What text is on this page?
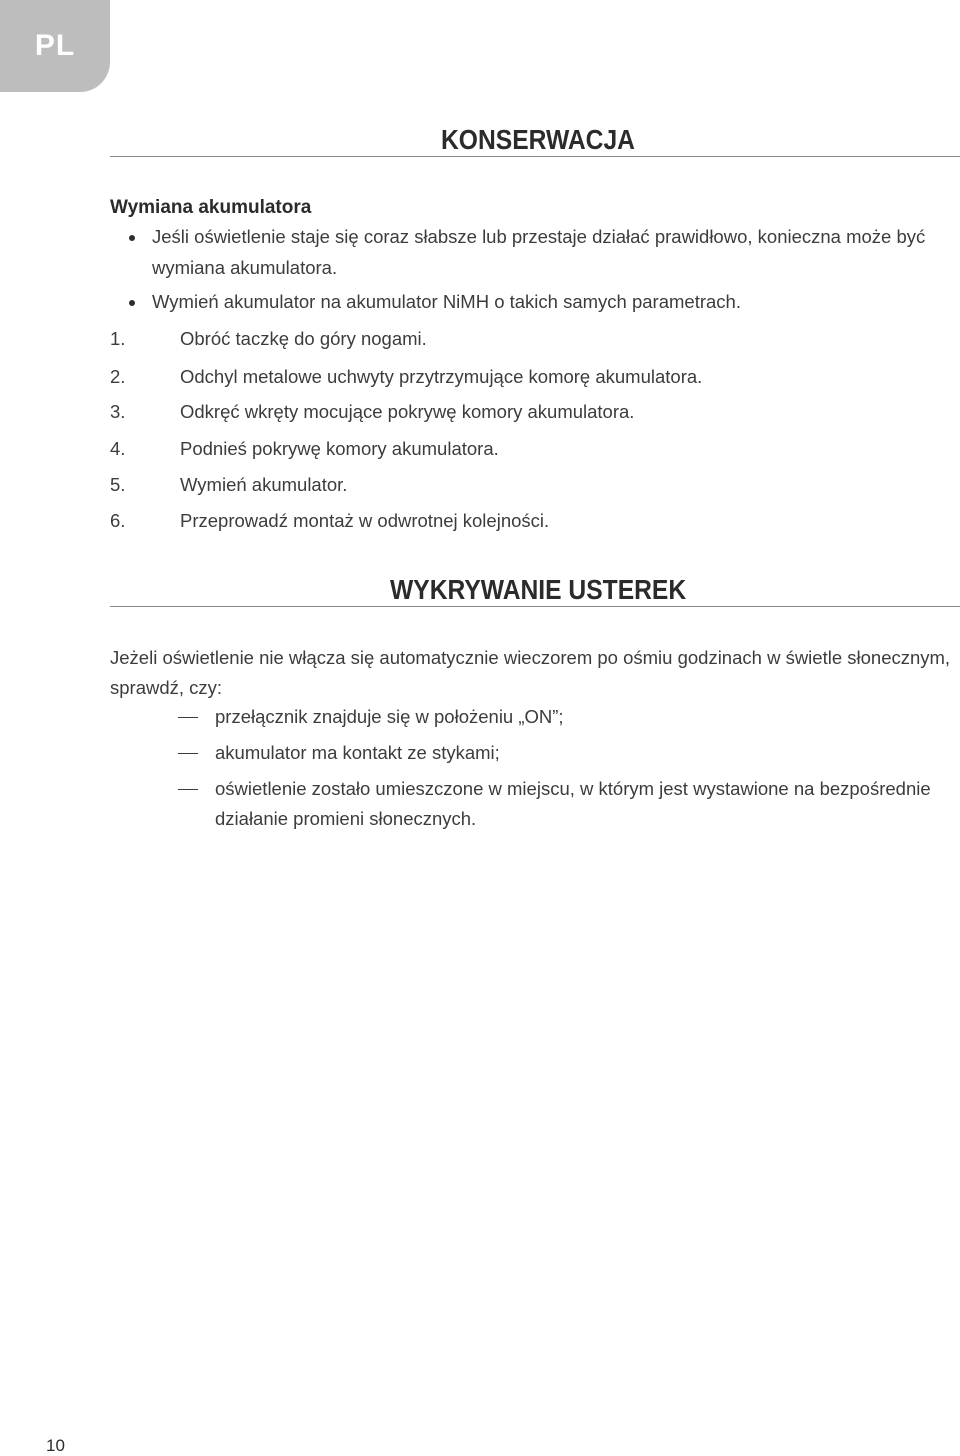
PL
KONSERWACJA
Wymiana akumulatora
Jeśli oświetlenie staje się coraz słabsze lub przestaje działać prawidłowo, konieczna może być
wymiana akumulatora.
Wymień akumulator na akumulator NiMH o takich samych parametrach.
1.	Obróć taczkę do góry nogami.
2.	Odchyl metalowe uchwyty przytrzymujące komorę akumulatora.
3.	Odkręć wkręty mocujące pokrywę komory akumulatora.
4.	Podnieś pokrywę komory akumulatora.
5.	Wymień akumulator.
6.	Przeprowadź montaż w odwrotnej kolejności.
WYKRYWANIE USTEREK
Jeżeli oświetlenie nie włącza się automatycznie wieczorem po ośmiu godzinach w świetle słonecznym,
sprawdź, czy:
przełącznik znajduje się w położeniu „ON”;
akumulator ma kontakt ze stykami;
oświetlenie zostało umieszczone w miejscu, w którym jest wystawione na bezpośrednie
działanie promieni słonecznych.
10
